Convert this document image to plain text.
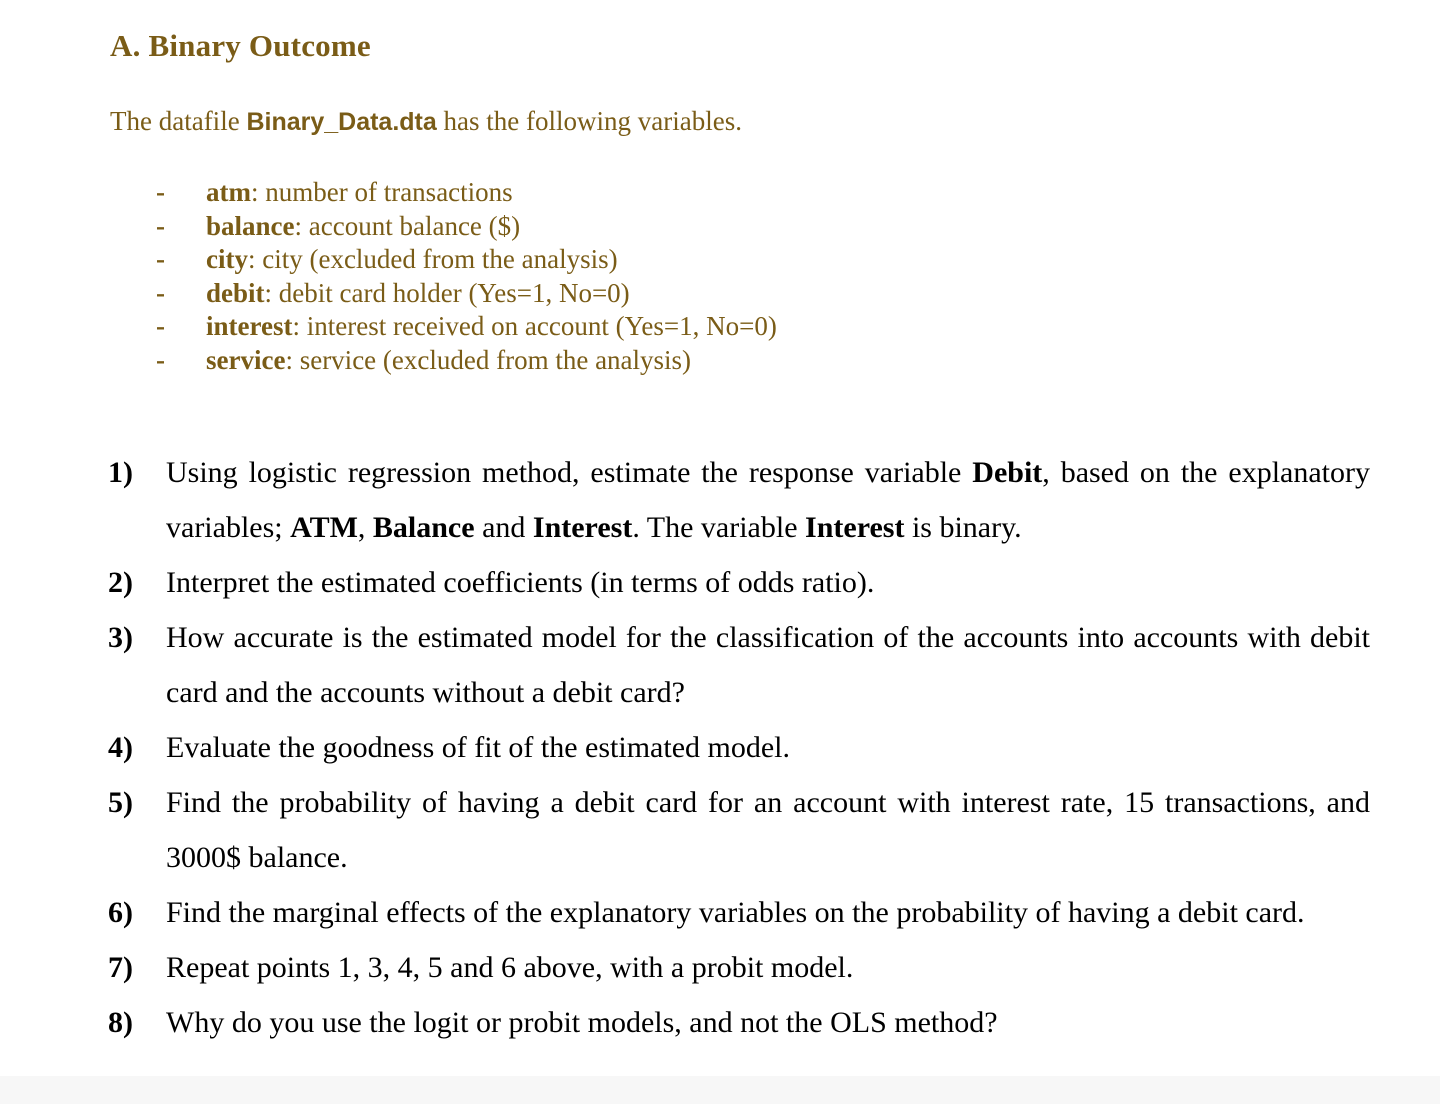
A. Binary Outcome

The datafile Binary_Data.dta has the following variables.

- atm: number of transactions
- balance: account balance ($)
- city: city (excluded from the analysis)
- debit: debit card holder (Yes=1, No=0)
- interest: interest received on account (Yes=1, No=0)
- service: service (excluded from the analysis)
1) Using logistic regression method, estimate the response variable Debit, based on the explanatory variables; ATM, Balance and Interest. The variable Interest is binary.
2) Interpret the estimated coefficients (in terms of odds ratio).
3) How accurate is the estimated model for the classification of the accounts into accounts with debit card and the accounts without a debit card?
4) Evaluate the goodness of fit of the estimated model.
5) Find the probability of having a debit card for an account with interest rate, 15 transactions, and 3000$ balance.
6) Find the marginal effects of the explanatory variables on the probability of having a debit card.
7) Repeat points 1, 3, 4, 5 and 6 above, with a probit model.
8) Why do you use the logit or probit models, and not the OLS method?
